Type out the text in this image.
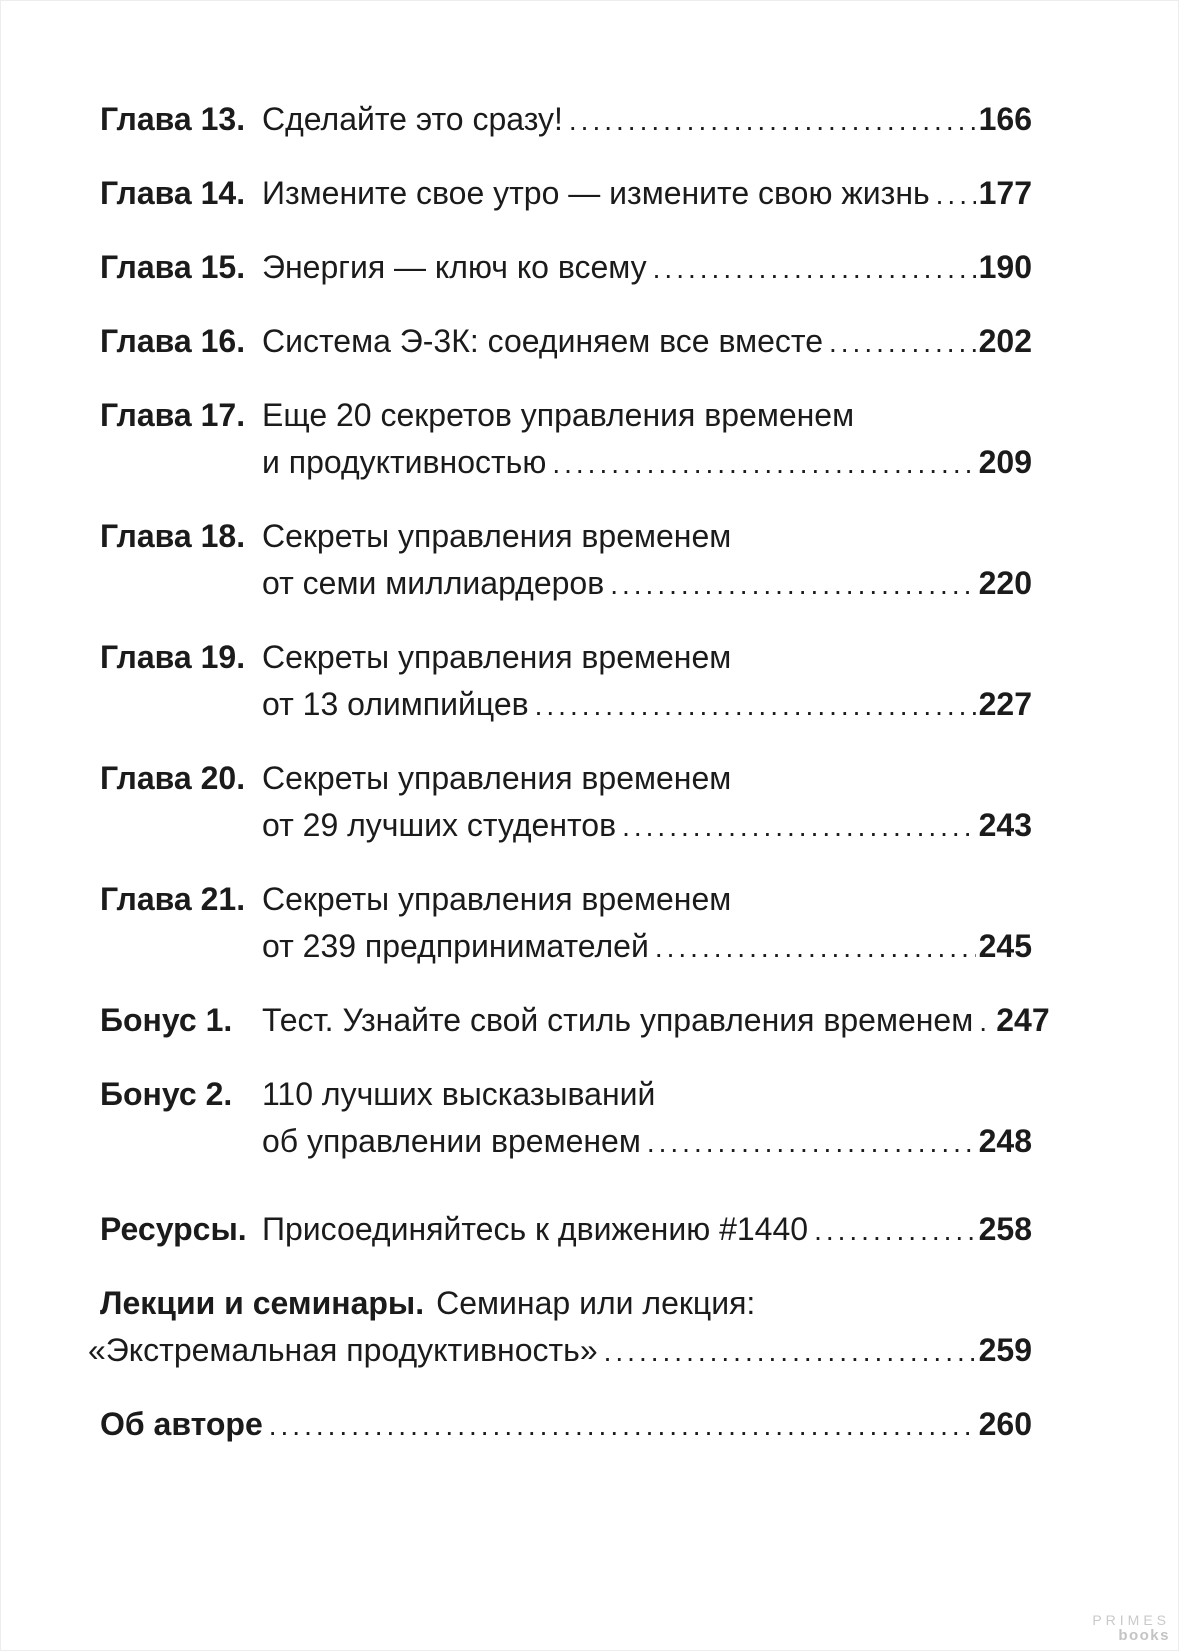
Глава 13. Сделайте это сразу! .....	166
Глава 14. Измените свое утро — измените свою жизнь ..... 177
Глава 15. Энергия — ключ ко всему .....	190
Глава 16. Система Э-3К: соединяем все вместе .....	202
Глава 17. Еще 20 секретов управления временем
и продуктивностью .....	209
Глава 18. Секреты управления временем
от семи миллиардеров .....	220
Глава 19. Секреты управления временем
от 13 олимпийцев .....	227
Глава 20. Секреты управления временем
от 29 лучших студентов .....	243
Глава 21. Секреты управления временем
от 239 предпринимателей .....	245
Бонус 1. Тест. Узнайте свой стиль управления временем ..... 247
Бонус 2. 110 лучших высказываний
об управлении временем .....	248
Ресурсы. Присоединяйтесь к движению #1440 .....	258
Лекции и семинары. Семинар или лекция:
«Экстремальная продуктивность» .....	259
Об авторе .....	260
PRIMES
books
